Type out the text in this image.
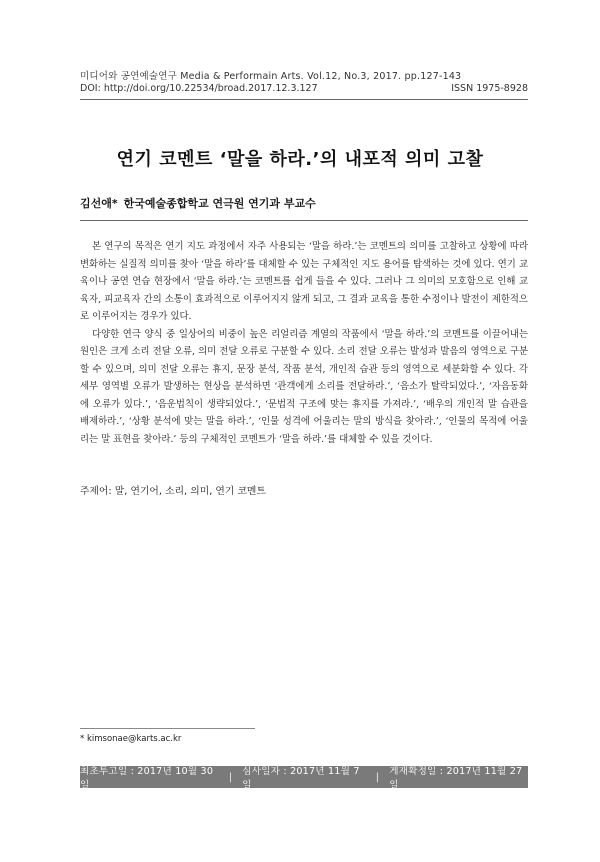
미디어와 공연예술연구 Media & Performain Arts. Vol.12, No.3, 2017. pp.127-143
DOI: http://doi.org/10.22534/broad.2017.12.3.127	ISSN 1975-8928
연기 코멘트 ‘말을 하라.’의 내포적 의미 고찰
김선애* 한국예술종합학교 연극원 연기과 부교수

본 연구의 목적은 연기 지도 과정에서 자주 사용되는 ‘말을 하라.’는 코멘트의 의미를 고찰하고 상황에 따라 변화하는 실질적 의미를 찾아 ‘말을 하라’를 대체할 수 있는 구체적인 지도 용어를 탐색하는 것에 있다. 연기 교육이나 공연 연습 현장에서 ‘말을 하라.’는 코멘트를 쉽게 들을 수 있다. 그러나 그 의미의 모호함으로 인해 교육자, 피교육자 간의 소통이 효과적으로 이루어지지 않게 되고, 그 결과 교육을 통한 수정이나 발전이 제한적으로 이루어지는 경우가 있다.

다양한 연극 양식 중 일상어의 비중이 높은 리얼리즘 계열의 작품에서 ‘말을 하라.’의 코멘트를 이끌어내는 원인은 크게 소리 전달 오류, 의미 전달 오류로 구분할 수 있다. 소리 전달 오류는 발성과 발음의 영역으로 구분할 수 있으며, 의미 전달 오류는 휴지, 문장 분석, 작품 분석, 개인적 습관 등의 영역으로 세분화할 수 있다. 각 세부 영역별 오류가 발생하는 현상을 분석하면 ‘관객에게 소리를 전달하라.’, ‘음소가 탈락되었다.’, ‘자음동화에 오류가 있다.’, ‘음운법칙이 생략되었다.’, ‘문법적 구조에 맞는 휴지를 가져라.’, ‘배우의 개인적 말 습관을 배제하라.’, ‘상황 분석에 맞는 말을 하라.’, ‘인물 성격에 어울리는 말의 방식을 찾아라.’, ‘인물의 목적에 어울리는 말 표현을 찾아라.’ 등의 구체적인 코멘트가 ‘말을 하라.’를 대체할 수 있을 것이다.

주제어: 말, 연기어, 소리, 의미, 연기 코멘트
* kimsonae@karts.ac.kr
최초투고일 : 2017년 10월 30일
| 심사일자 : 2017년 11월 7일
| 게재확정일 : 2017년 11월 27일
